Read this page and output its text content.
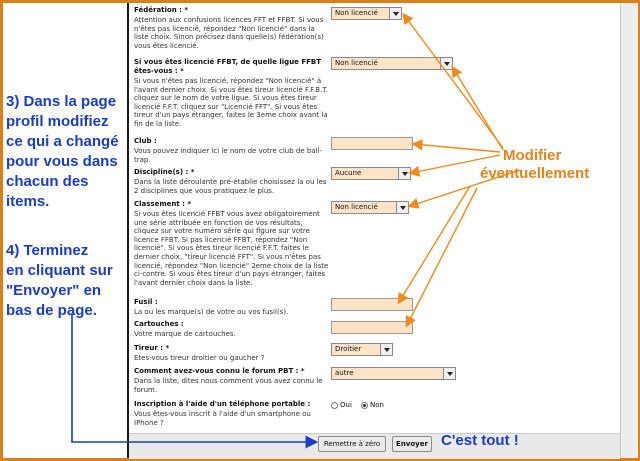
3) Dans la page
profil modifiez
ce qui a changé
pour vous dans
chacun des
items.
4) Terminez
en cliquant sur
"Envoyer" en
bas de page.
Fédération : *
Attention aux confusions licences FFT et FFBT. Si vous n'êtes pas licencié, répondez "Non licencié" dans la liste choix. Sinon précisez dans quelle(s) fédération(s) vous êtes licencié.
Non licencié
Si vous êtes licencié FFBT, de quelle ligue FFBT êtes-vous : *
Si vous n'êtes pas licencié, répondez "Non licencié" à l'avant dernier choix. Si vous êtes tireur licencié F.F.B.T. cliquez sur le nom de votre ligue. Si vous êtes tireur licencié F.F.T. cliquez sur "Licencié FFT". Si vous êtes tireur d'un pays étranger, faites le 3eme choix avant la fin de la liste.
Non licencié
Club :
Vous pouvez indiquer ici le nom de votre club de ball-trap.
Discipline(s) : *
Dans la liste déroulante pré-établie choisissez la ou les 2 disciplines que vous pratiquez le plus.
Aucune
Classement : *
Si vous êtes licencié FFBT vous avez obligatoirement une série attribuée en fonction de vos résultats, cliquez sur votre numéro série qui figure sur votre licence FFBT. Si pas licencié FFBT, répondez "Non licencié". Si vous êtes tireur licencié F.F.T. faites le dernier choix, "tireur licencié FFT". Si vous n'êtes pas licencié, répondez "Non licencié" 2eme choix de la liste ci-contre. Si vous êtes tireur d'un pays étranger, faites l'avant dernier choix dans la liste.
Non licencié
Fusil :
La ou les marque(s) de votre ou vos fusil(s).
Cartouches :
Votre marque de cartouches.
Tireur : *
Etes-vous tireur droitier ou gaucher ?
Droitier
Comment avez-vous connu le forum PBT : *
Dans la liste, dites nous comment vous avez connu le forum.
autre
Inscription à l'aide d'un téléphone portable :
Vous êtes-vous inscrit à l'aide d'un smartphone ou IPhone ?
Oui	Non
Remettre à zéro	Envoyer
Modifier
éventuellement
C'est tout !
